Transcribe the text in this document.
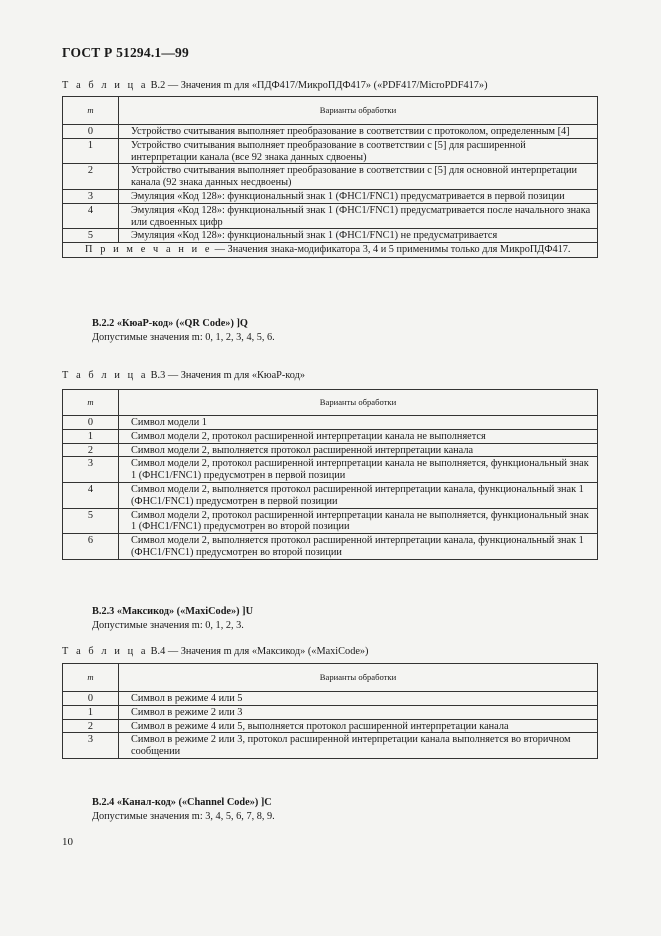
ГОСТ Р 51294.1—99
Т а б л и ц а В.2 — Значения m для «ПДФ417/МикроПДФ417» («PDF417/MicroPDF417»)
m	Варианты обработки
0	Устройство считывания выполняет преобразование в соответствии с протоколом, определенным [4]
1	Устройство считывания выполняет преобразование в соответствии с [5] для расширенной интерпретации канала (все 92 знака данных сдвоены)
2	Устройство считывания выполняет преобразование в соответствии с [5] для основной интерпретации канала (92 знака данных несдвоены)
3	Эмуляция «Код 128»: функциональный знак 1 (ФНС1/FNC1) предусматривается в первой позиции
4	Эмуляция «Код 128»: функциональный знак 1 (ФНС1/FNC1) предусматривается после начального знака или сдвоенных цифр
5	Эмуляция «Код 128»: функциональный знак 1 (ФНС1/FNC1) не предусматривается
П р и м е ч а н и е — Значения знака-модификатора 3, 4 и 5 применимы только для МикроПДФ417.	
В.2.2 «КюаР-код» («QR Code») ]Q
Допустимые значения m: 0, 1, 2, 3, 4, 5, 6.
Т а б л и ц а В.3 — Значения m для «КюаР-код»
m	Варианты обработки
0	Символ модели 1
1	Символ модели 2, протокол расширенной интерпретации канала не выполняется
2	Символ модели 2, выполняется протокол расширенной интерпретации канала
3	Символ модели 2, протокол расширенной интерпретации канала не выполняется, функциональный знак 1 (ФНС1/FNC1) предусмотрен в первой позиции
4	Символ модели 2, выполняется протокол расширенной интерпретации канала, функциональный знак 1 (ФНС1/FNC1) предусмотрен в первой позиции
5	Символ модели 2, протокол расширенной интерпретации канала не выполняется, функциональный знак 1 (ФНС1/FNC1) предусмотрен во второй позиции
6	Символ модели 2, выполняется протокол расширенной интерпретации канала, функциональный знак 1 (ФНС1/FNC1) предусмотрен во второй позиции
В.2.3 «Максикод» («MaxiCode») ]U
Допустимые значения m: 0, 1, 2, 3.
Т а б л и ц а В.4 — Значения m для «Максикод» («MaxiCode»)
m	Варианты обработки
0	Символ в режиме 4 или 5
1	Символ в режиме 2 или 3
2	Символ в режиме 4 или 5, выполняется протокол расширенной интерпретации канала
3	Символ в режиме 2 или 3, протокол расширенной интерпретации канала выполняется во вторичном сообщении
В.2.4 «Канал-код» («Channel Code») ]C
Допустимые значения m: 3, 4, 5, 6, 7, 8, 9.
10
